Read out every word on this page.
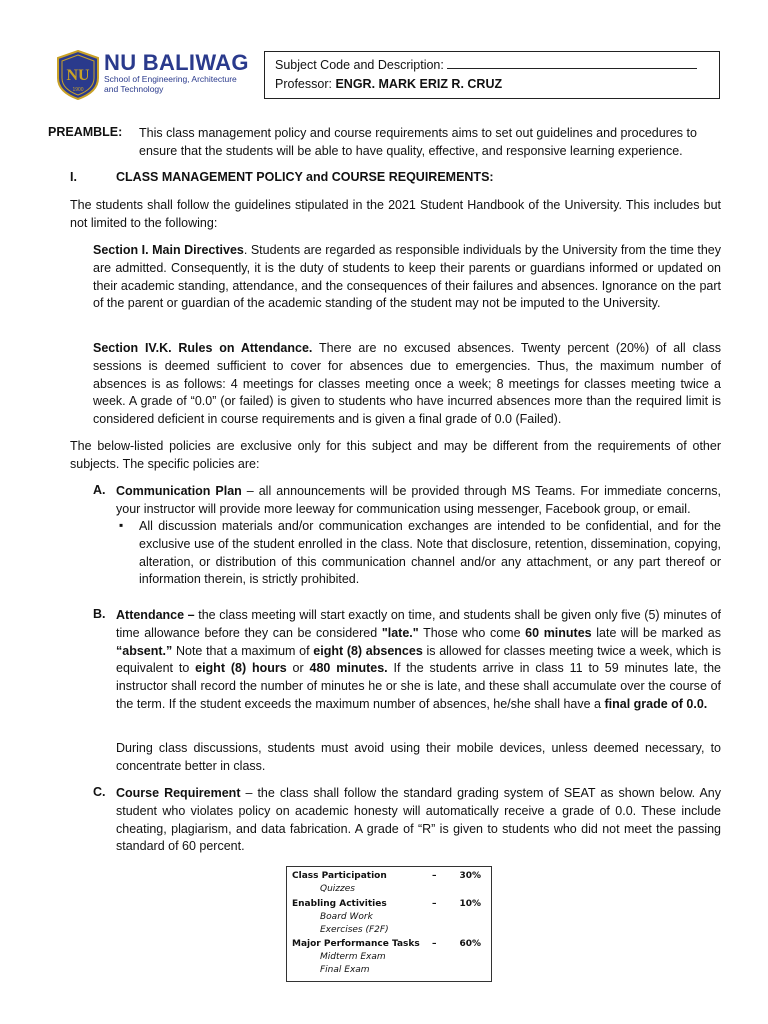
NU
1900
NU BALIWAG
School of Engineering, Architecture and Technology
Subject Code and Description:
Professor: ENGR. MARK ERIZ R. CRUZ
PREAMBLE: This class management policy and course requirements aims to set out guidelines and procedures to
ensure that the students will be able to have quality, effective, and responsive learning experience.
I.	CLASS MANAGEMENT POLICY and COURSE REQUIREMENTS:
The students shall follow the guidelines stipulated in the 2021 Student Handbook of the University. This includes but not limited to the following:
Section I. Main Directives. Students are regarded as responsible individuals by the University from the time they are admitted. Consequently, it is the duty of students to keep their parents or guardians informed or updated on their academic standing, attendance, and the consequences of their failures and absences. Ignorance on the part of the parent or guardian of the academic standing of the student may not be imputed to the University.
Section IV.K. Rules on Attendance. There are no excused absences. Twenty percent (20%) of all class sessions is deemed sufficient to cover for absences due to emergencies. Thus, the maximum number of absences is as follows: 4 meetings for classes meeting once a week; 8 meetings for classes meeting twice a week. A grade of “0.0” (or failed) is given to students who have incurred absences more than the required limit is considered deficient in course requirements and is given a final grade of 0.0 (Failed).
The below-listed policies are exclusive only for this subject and may be different from the requirements of other subjects. The specific policies are:
A. Communication Plan – all announcements will be provided through MS Teams. For immediate concerns, your instructor will provide more leeway for communication using messenger, Facebook group, or email.
▪ All discussion materials and/or communication exchanges are intended to be confidential, and for the exclusive use of the student enrolled in the class. Note that disclosure, retention, dissemination, copying, alteration, or distribution of this communication channel and/or any attachment, or any part thereof or information therein, is strictly prohibited.
B. Attendance – the class meeting will start exactly on time, and students shall be given only five (5) minutes of time allowance before they can be considered "late." Those who come 60 minutes late will be marked as “absent.” Note that a maximum of eight (8) absences is allowed for classes meeting twice a week, which is equivalent to eight (8) hours or 480 minutes. If the students arrive in class 11 to 59 minutes late, the instructor shall record the number of minutes he or she is late, and these shall accumulate over the course of the term. If the student exceeds the maximum number of absences, he/she shall have a final grade of 0.0.
During class discussions, students must avoid using their mobile devices, unless deemed necessary, to concentrate better in class.
C. Course Requirement – the class shall follow the standard grading system of SEAT as shown below. Any student who violates policy on academic honesty will automatically receive a grade of 0.0. These include cheating, plagiarism, and data fabrication. A grade of “R” is given to students who did not meet the passing standard of 60 percent.
Class Participation	–	30%
Quizzes
Enabling Activities	–	10%
Board Work
Exercises (F2F)
Major Performance Tasks –	60%
Midterm Exam
Final Exam
